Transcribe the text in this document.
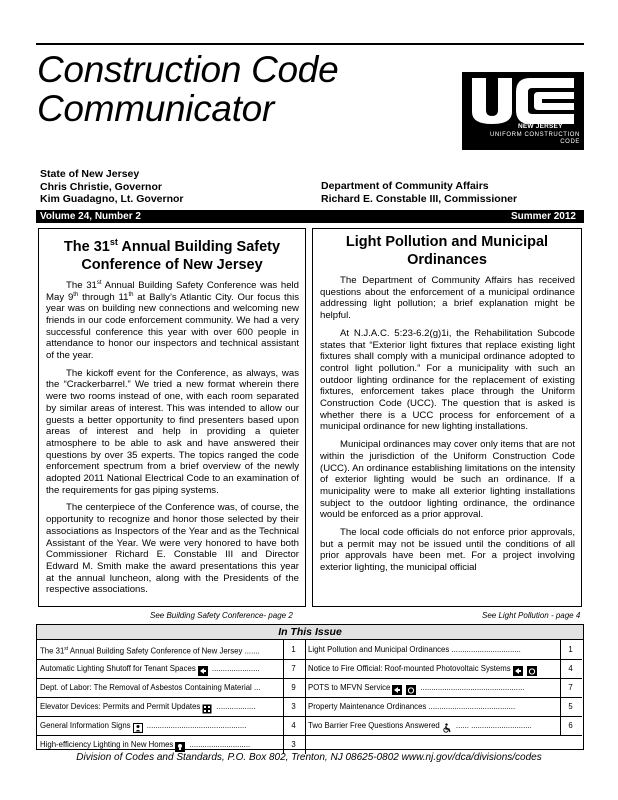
Construction Code
Communicator	NEW JERSEY
UNIFORM CONSTRUCTION
CODE
State of New Jersey
Chris Christie, Governor
Kim Guadagno, Lt. Governor
Department of Community Affairs
Richard E. Constable III, Commissioner
Volume 24, Number 2	Summer 2012
The 31st Annual Building Safety
Conference of New Jersey

The 31st Annual Building Safety Conference was held May 9th through 11th at Bally’s Atlantic City. Our focus this year was on building new connections and welcoming new friends in our code enforcement community. We had a very successful conference this year with over 600 people in attendance to honor our inspectors and technical assistant of the year.

The kickoff event for the Conference, as always, was the “Crackerbarrel.” We tried a new format wherein there were two rooms instead of one, with each room separated by similar areas of interest. This was intended to allow our guests a better opportunity to find presenters based upon areas of interest and help in providing a quieter atmosphere to be able to ask and have answered their questions by over 35 experts. The topics ranged the code enforcement spectrum from a brief overview of the newly adopted 2011 National Electrical Code to an examination of the requirements for gas piping systems.

The centerpiece of the Conference was, of course, the opportunity to recognize and honor those selected by their associations as Inspectors of the Year and as the Technical Assistant of the Year. We were very honored to have both Commissioner Richard E. Constable III and Director Edward M. Smith make the award presentations this year at the annual luncheon, along with the Presidents of the respective associations.

Light Pollution and Municipal
Ordinances

The Department of Community Affairs has received questions about the enforcement of a municipal ordinance addressing light pollution; a brief explanation might be helpful.

At N.J.A.C. 5:23-6.2(g)1i, the Rehabilitation Subcode states that “Exterior light fixtures that replace existing light fixtures shall comply with a municipal ordinance adopted to control light pollution.” For a municipality with such an outdoor lighting ordinance for the replacement of existing fixtures, enforcement takes place through the Uniform Construction Code (UCC). The question that is asked is whether there is a UCC process for enforcement of a municipal ordinance for new lighting installations.

Municipal ordinances may cover only items that are not within the jurisdiction of the Uniform Construction Code (UCC). An ordinance establishing limitations on the intensity of exterior lighting would be such an ordinance. If a municipality were to make all exterior lighting installations subject to the outdoor lighting ordinance, the ordinance would be enforced as a prior approval.

The local code officials do not enforce prior approvals, but a permit may not be issued until the conditions of all prior approvals have been met. For a project involving exterior lighting, the municipal official

See Building Safety Conference- page 2	See Light Pollution - page 4
In This Issue
The 31st Annual Building Safety Conference of New Jersey .......	1
Automatic Lighting Shutoff for Tenant Spaces ......................	7
Dept. of Labor: The Removal of Asbestos Containing Material ...	9
Elevator Devices: Permits and Permit Updates ..................	3
General Information Signs ..............................................	4
High-efficiency Lighting in New Homes ............................	3
Light Pollution and Municipal Ordinances ................................	1
Notice to Fire Official: Roof-mounted Photovoltaic Systems	4
POTS to MFVN Service	................................................	7
Property Maintenance Ordinances ........................................	5
Two Barrier Free Questions Answered ...... ............................	6
Division of Codes and Standards, P.O. Box 802, Trenton, NJ 08625-0802 www.nj.gov/dca/divisions/codes
